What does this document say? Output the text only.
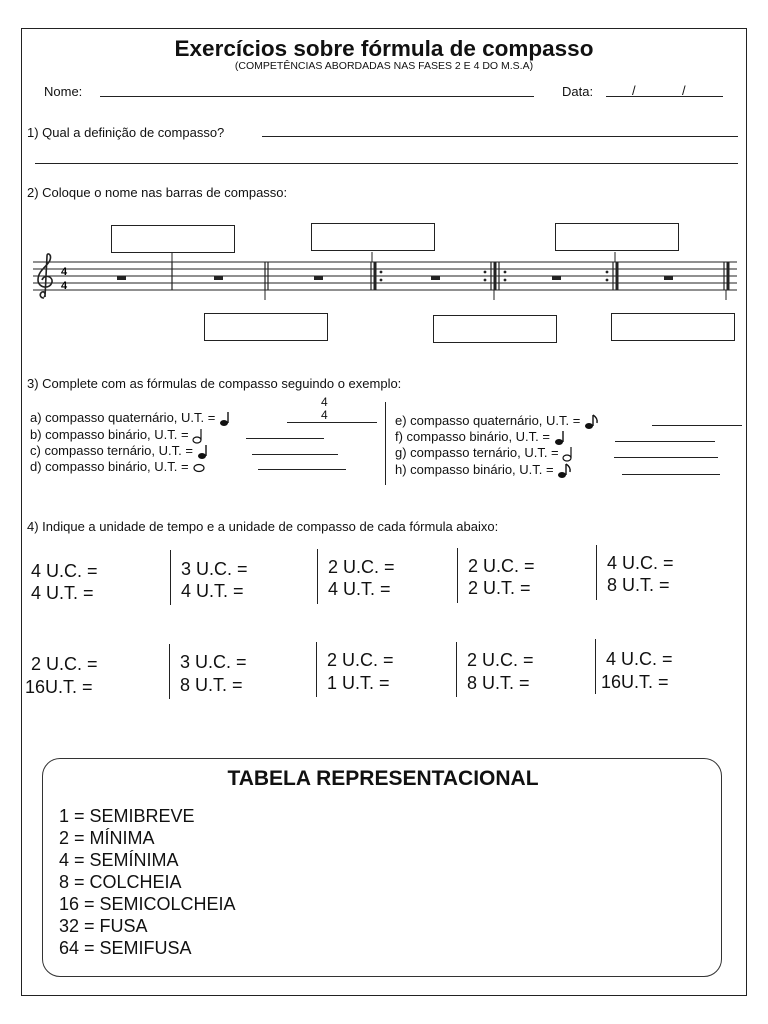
Exercícios sobre fórmula de compasso
(COMPETÊNCIAS ABORDADAS NAS FASES 2 E 4 DO M.S.A)
Nome:	Data:	/	/
1) Qual a definição de compasso?
2) Coloque o nome nas barras de compasso:
4
4
3) Complete com as fórmulas de compasso seguindo o exemplo:
4
4
a) compasso quaternário, U.T. =
b) compasso binário, U.T. =
c) compasso ternário, U.T. =
d) compasso binário, U.T. =
e) compasso quaternário, U.T. =
f) compasso binário, U.T. =
g) compasso ternário, U.T. =
h) compasso binário, U.T. =
4) Indique a unidade de tempo e a unidade de compasso de cada fórmula abaixo:
4 U.C. =
4 U.T. =
3 U.C. =
4 U.T. =
2 U.C. =
4 U.T. =
2 U.C. =
2 U.T. =
4 U.C. =
8 U.T. =
2 U.C. =
16U.T. =
3 U.C. =
8 U.T. =
2 U.C. =
1 U.T. =
2 U.C. =
8 U.T. =
4 U.C. =
16U.T. =
TABELA REPRESENTACIONAL
1 = SEMIBREVE
2 = MÍNIMA
4 = SEMÍNIMA
8 = COLCHEIA
16 = SEMICOLCHEIA
32 = FUSA
64 = SEMIFUSA
